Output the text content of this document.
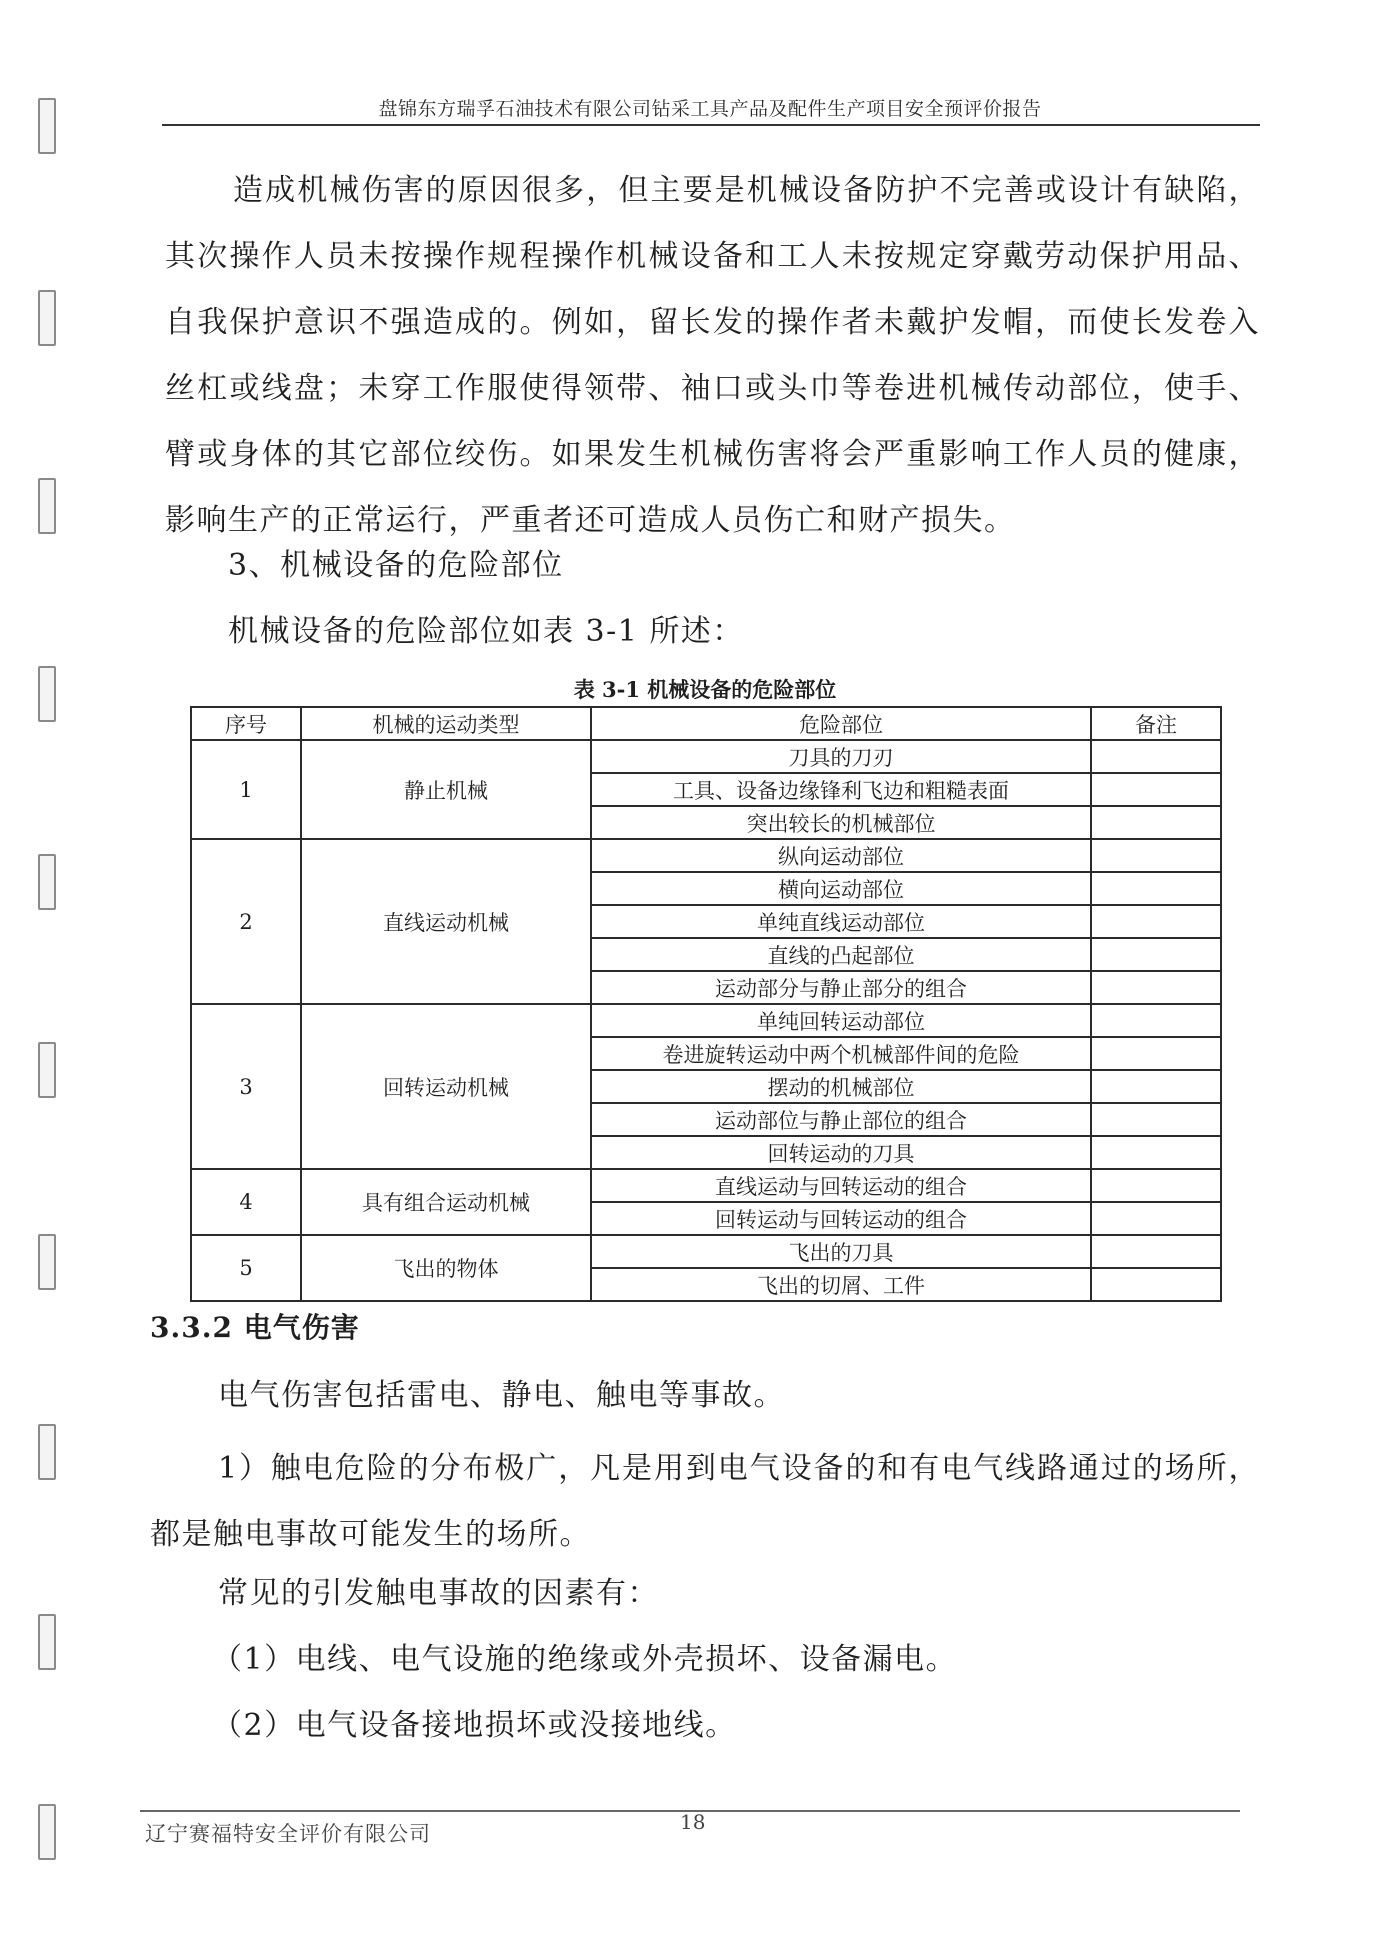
盘锦东方瑞孚石油技术有限公司钻采工具产品及配件生产项目安全预评价报告

造成机械伤害的原因很多，但主要是机械设备防护不完善或设计有缺陷，其次操作人员未按操作规程操作机械设备和工人未按规定穿戴劳动保护用品、自我保护意识不强造成的。例如，留长发的操作者未戴护发帽，而使长发卷入丝杠或线盘；未穿工作服使得领带、袖口或头巾等卷进机械传动部位，使手、臂或身体的其它部位绞伤。如果发生机械伤害将会严重影响工作人员的健康，影响生产的正常运行，严重者还可造成人员伤亡和财产损失。

3、机械设备的危险部位

机械设备的危险部位如表 3-1 所述：

表 3-1 机械设备的危险部位
序号	机械的运动类型	危险部位	备注
1	静止机械	刀具的刀刃	
		工具、设备边缘锋利飞边和粗糙表面	
		突出较长的机械部位	
2	直线运动机械	纵向运动部位	
		横向运动部位	
		单纯直线运动部位	
		直线的凸起部位	
		运动部分与静止部分的组合	
3	回转运动机械	单纯回转运动部位	
		卷进旋转运动中两个机械部件间的危险	
		摆动的机械部位	
		运动部位与静止部位的组合	
		回转运动的刀具	
4	具有组合运动机械	直线运动与回转运动的组合	
		回转运动与回转运动的组合	
5	飞出的物体	飞出的刀具	
		飞出的切屑、工件	
3.3.2 电气伤害

电气伤害包括雷电、静电、触电等事故。

1）触电危险的分布极广，凡是用到电气设备的和有电气线路通过的场所，都是触电事故可能发生的场所。

常见的引发触电事故的因素有：

（1）电线、电气设施的绝缘或外壳损坏、设备漏电。

（2）电气设备接地损坏或没接地线。

辽宁赛福特安全评价有限公司	18
